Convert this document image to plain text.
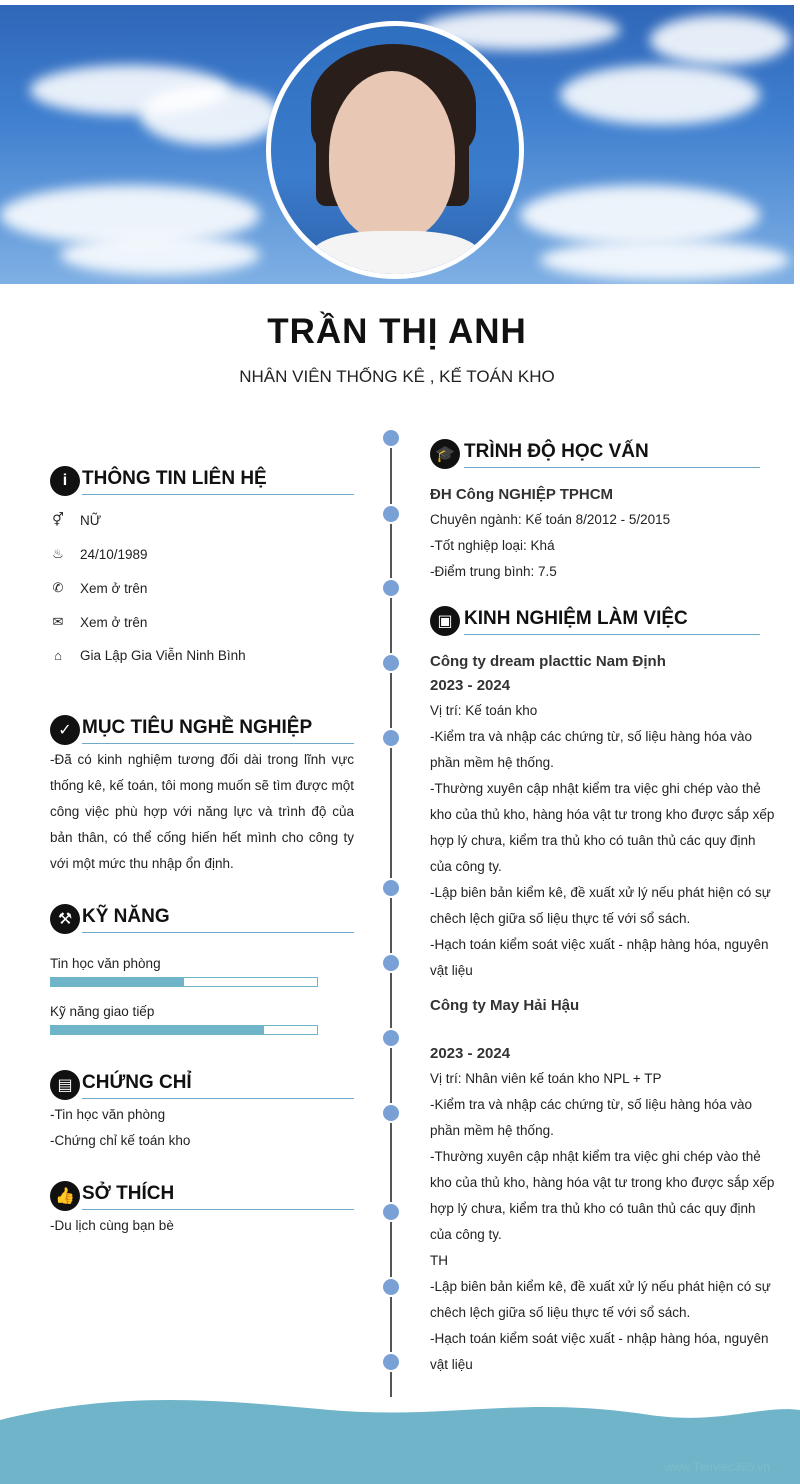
TRẦN THỊ ANH
NHÂN VIÊN THỐNG KÊ , KẾ TOÁN KHO
i THÔNG TIN LIÊN HỆ
⚥ NỮ
♨ 24/10/1989
✆ Xem ở trên
✉ Xem ở trên
⌂	Gia Lập Gia Viễn Ninh Bình
✓ MỤC TIÊU NGHỀ NGHIỆP
-Đã có kinh nghiệm tương đối dài trong lĩnh vực thống kê, kế toán, tôi mong muốn sẽ tìm được một công việc phù hợp với năng lực và trình độ của bản thân, có thể cống hiến hết mình cho công ty với một mức thu nhập ổn định.
⚒ KỸ NĂNG
Tin học văn phòng
Kỹ năng giao tiếp
▤ CHỨNG CHỈ
-Tin học văn phòng
-Chứng chỉ kế toán kho
👍 SỞ THÍCH
-Du lịch cùng bạn bè
🎓 TRÌNH ĐỘ HỌC VẤN
ĐH Công NGHIỆP TPHCM
Chuyên ngành: Kế toán 8/2012 - 5/2015
-Tốt nghiệp loại: Khá
-Điểm trung bình: 7.5
▣ KINH NGHIỆM LÀM VIỆC
Công ty dream placttic Nam Định
2023 - 2024
Vị trí: Kế toán kho
-Kiểm tra và nhập các chứng từ, số liệu hàng hóa vào phần mềm hệ thống.
-Thường xuyên cập nhật kiểm tra việc ghi chép vào thẻ kho của thủ kho, hàng hóa vật tư trong kho được sắp xếp hợp lý chưa, kiểm tra thủ kho có tuân thủ các quy định của công ty.
-Lập biên bản kiểm kê, đề xuất xử lý nếu phát hiện có sự chêch lệch giữa số liệu thực tế với sổ sách.
-Hạch toán kiểm soát việc xuất - nhập hàng hóa, nguyên vật liệu
Công ty May Hải Hậu
2023 - 2024
Vị trí: Nhân viên kế toán kho NPL + TP
-Kiểm tra và nhập các chứng từ, số liệu hàng hóa vào phần mềm hệ thống.
-Thường xuyên cập nhật kiểm tra việc ghi chép vào thẻ kho của thủ kho, hàng hóa vật tư trong kho được sắp xếp hợp lý chưa, kiểm tra thủ kho có tuân thủ các quy định của công ty.
TH
-Lập biên bản kiểm kê, đề xuất xử lý nếu phát hiện có sự chêch lệch giữa số liệu thực tế với sổ sách.
-Hạch toán kiểm soát việc xuất - nhập hàng hóa, nguyên vật liệu
www.Timviec365.vn
